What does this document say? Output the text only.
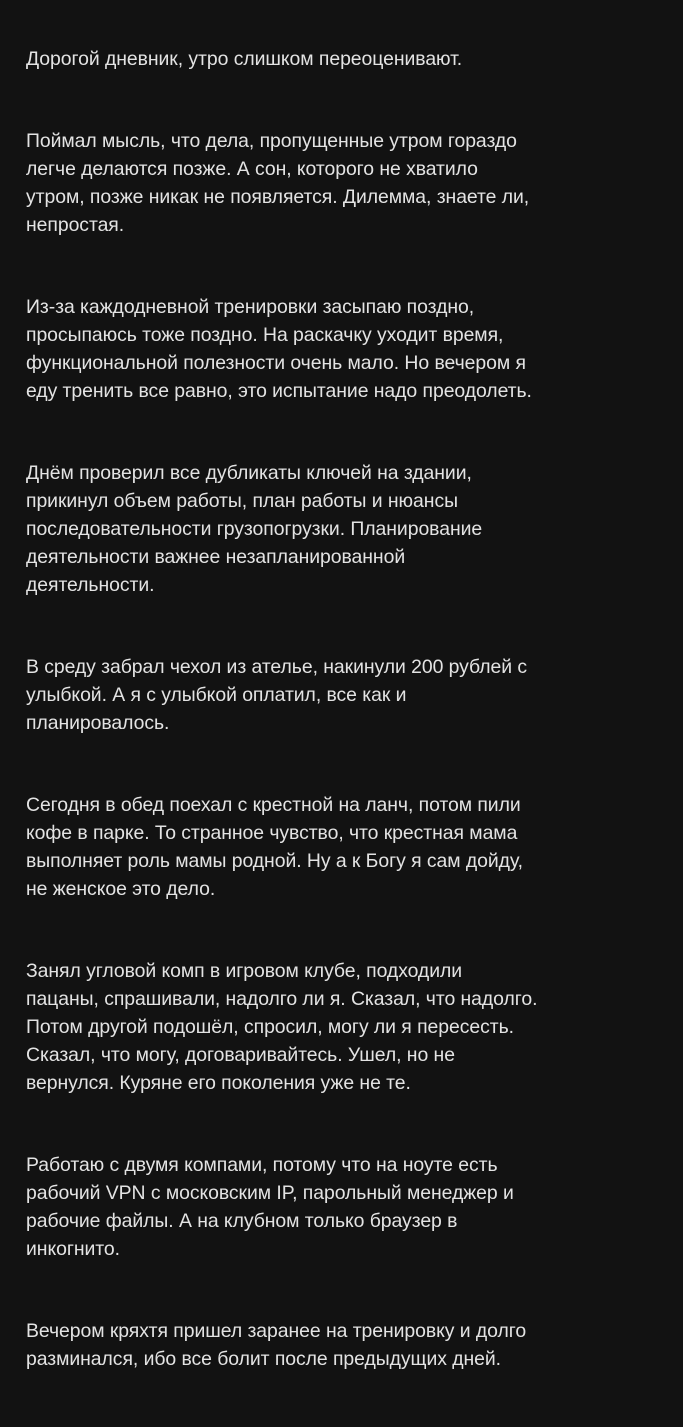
Дорогой дневник, утро слишком переоценивают.

Поймал мысль, что дела, пропущенные утром гораздо
легче делаются позже. А сон, которого не хватило
утром, позже никак не появляется. Дилемма, знаете ли,
непростая.

Из-за каждодневной тренировки засыпаю поздно,
просыпаюсь тоже поздно. На раскачку уходит время,
функциональной полезности очень мало. Но вечером я
еду тренить все равно, это испытание надо преодолеть.

Днём проверил все дубликаты ключей на здании,
прикинул объем работы, план работы и нюансы
последовательности грузопогрузки. Планирование
деятельности важнее незапланированной
деятельности.

В среду забрал чехол из ателье, накинули 200 рублей с
улыбкой. А я с улыбкой оплатил, все как и
планировалось.

Сегодня в обед поехал с крестной на ланч, потом пили
кофе в парке. То странное чувство, что крестная мама
выполняет роль мамы родной. Ну а к Богу я сам дойду,
не женское это дело.

Занял угловой комп в игровом клубе, подходили
пацаны, спрашивали, надолго ли я. Сказал, что надолго.
Потом другой подошёл, спросил, могу ли я пересесть.
Сказал, что могу, договаривайтесь. Ушел, но не
вернулся. Куряне его поколения уже не те.

Работаю с двумя компами, потому что на ноуте есть
рабочий VPN с московским IP, парольный менеджер и
рабочие файлы. А на клубном только браузер в
инкогнито.

Вечером кряхтя пришел заранее на тренировку и долго
разминался, ибо все болит после предыдущих дней.
